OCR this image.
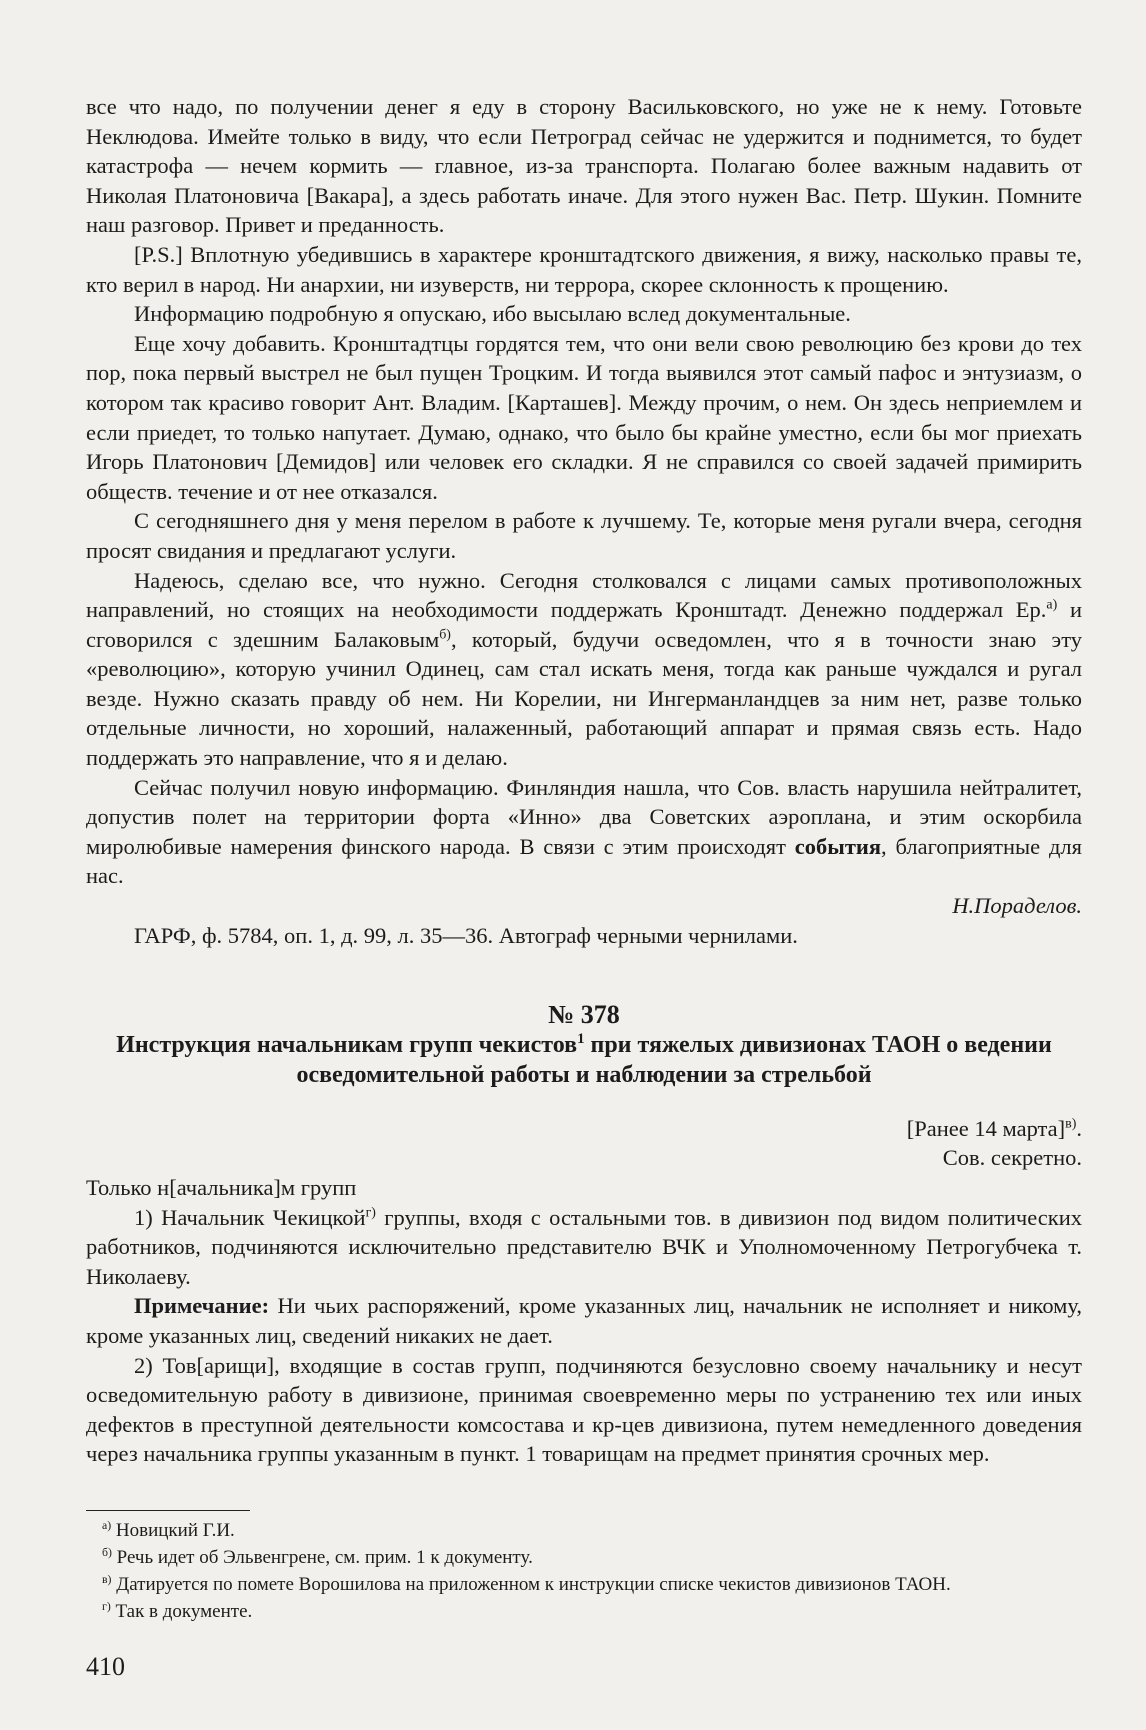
все что надо, по получении денег я еду в сторону Васильковского, но уже не к нему. Готовьте Неклюдова. Имейте только в виду, что если Петроград сейчас не удержится и поднимется, то будет катастрофа — нечем кормить — главное, из-за транспорта. Полагаю более важным надавить от Николая Платоновича [Вакара], а здесь работать иначе. Для этого нужен Вас. Петр. Шукин. Помните наш разговор. Привет и преданность.

[P.S.] Вплотную убедившись в характере кронштадтского движения, я вижу, насколько правы те, кто верил в народ. Ни анархии, ни изуверств, ни террора, скорее склонность к прощению.

Информацию подробную я опускаю, ибо высылаю вслед документальные.

Еще хочу добавить. Кронштадтцы гордятся тем, что они вели свою революцию без крови до тех пор, пока первый выстрел не был пущен Троцким. И тогда выявился этот самый пафос и энтузиазм, о котором так красиво говорит Ант. Владим. [Карташев]. Между прочим, о нем. Он здесь неприемлем и если приедет, то только напутает. Думаю, однако, что было бы крайне уместно, если бы мог приехать Игорь Платонович [Демидов] или человек его складки. Я не справился со своей задачей примирить обществ. течение и от нее отказался.

С сегодняшнего дня у меня перелом в работе к лучшему. Те, которые меня ругали вчера, сегодня просят свидания и предлагают услуги.

Надеюсь, сделаю все, что нужно. Сегодня столковался с лицами самых противоположных направлений, но стоящих на необходимости поддержать Кронштадт. Денежно поддержал Ер.$^{а)}$ и сговорился с здешним Балаковым$^{б)}$, который, будучи осведомлен, что я в точности знаю эту «революцию», которую учинил Одинец, сам стал искать меня, тогда как раньше чуждался и ругал везде. Нужно сказать правду об нем. Ни Корелии, ни Ингерманландцев за ним нет, разве только отдельные личности, но хороший, налаженный, работающий аппарат и прямая связь есть. Надо поддержать это направление, что я и делаю.

Сейчас получил новую информацию. Финляндия нашла, что Сов. власть нарушила нейтралитет, допустив полет на территории форта «Инно» два Советских аэроплана, и этим оскорбила миролюбивые намерения финского народа. В связи с этим происходят события, благоприятные для нас.

Н.Пораделов.

ГАРФ, ф. 5784, оп. 1, д. 99, л. 35—36. Автограф черными чернилами.

№ 378

Инструкция начальникам групп чекистов$^1$ при тяжелых дивизионах ТАОН о ведении осведомительной работы и наблюдении за стрельбой

[Ранее 14 марта]$^{в)}$.

Сов. секретно.

Только н[ачальника]м групп

1) Начальник Чекицкой$^{г)}$ группы, входя с остальными тов. в дивизион под видом политических работников, подчиняются исключительно представителю ВЧК и Уполномоченному Петрогубчека т. Николаеву.

Примечание: Ни чьих распоряжений, кроме указанных лиц, начальник не исполняет и никому, кроме указанных лиц, сведений никаких не дает.

2) Тов[арищи], входящие в состав групп, подчиняются безусловно своему начальнику и несут осведомительную работу в дивизионе, принимая своевременно меры по устранению тех или иных дефектов в преступной деятельности комсостава и кр-цев дивизиона, путем немедленного доведения через начальника группы указанным в пункт. 1 товарищам на предмет принятия срочных мер.

$^{а)}$ Новицкий Г.И.

$^{б)}$ Речь идет об Эльвенгрене, см. прим. 1 к документу.

$^{в)}$ Датируется по помете Ворошилова на приложенном к инструкции списке чекистов дивизионов ТАОН.

$^{г)}$ Так в документе.

410
